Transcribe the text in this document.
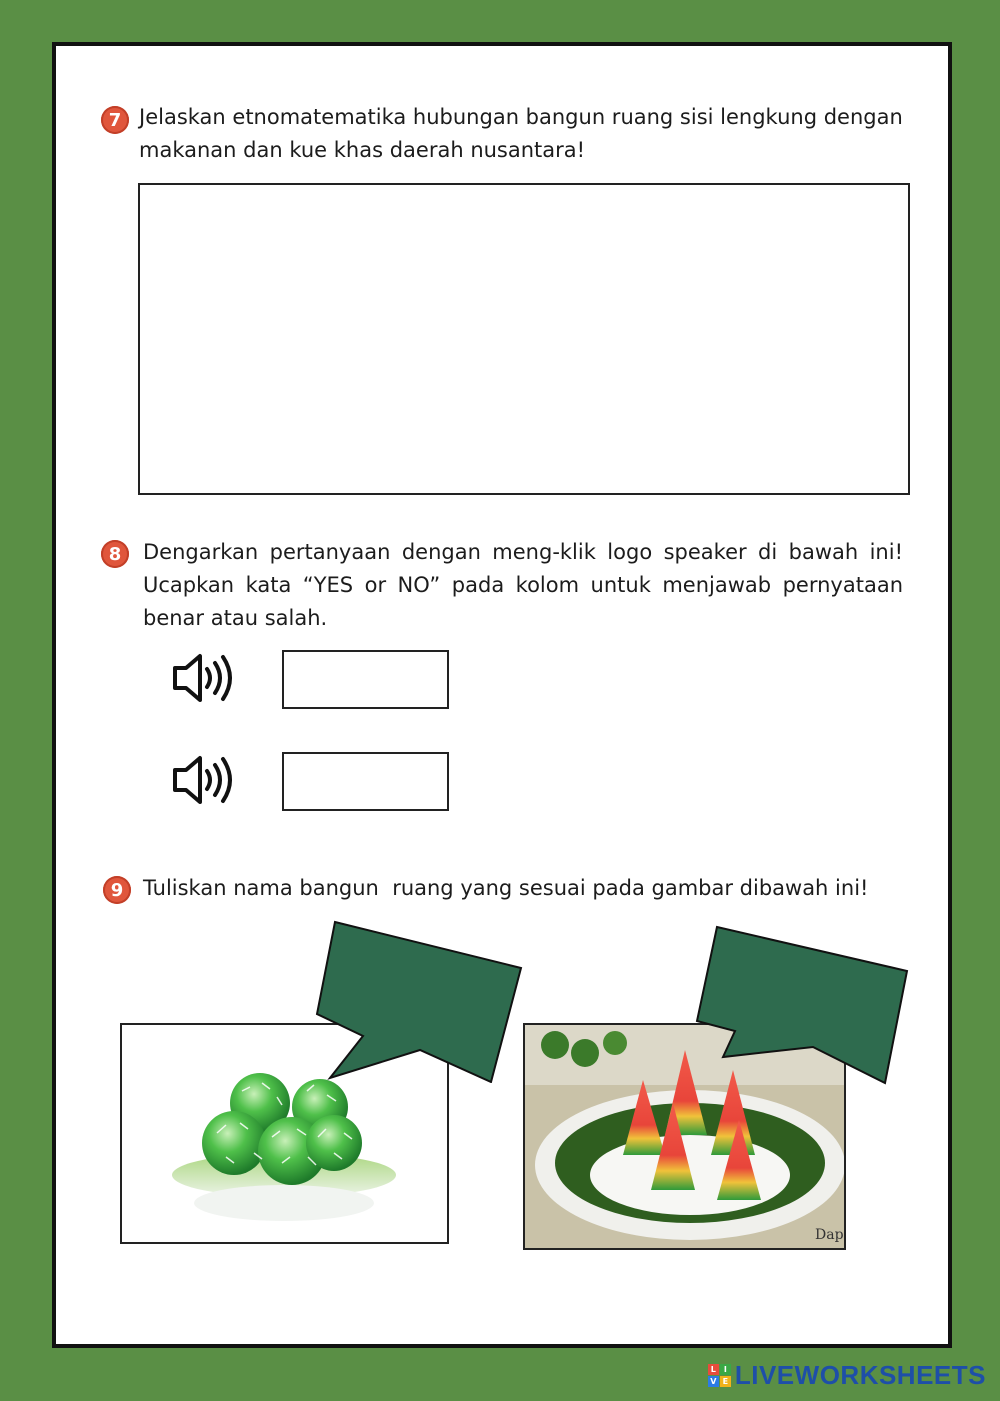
7 Jelaskan etnomatematika hubungan bangun ruang sisi lengkung dengan
makanan dan kue khas daerah nusantara!
8	Dengarkan pertanyaan dengan meng-klik logo speaker di bawah ini!
Ucapkan kata “YES or NO” pada kolom untuk menjawab pernyataan
benar atau salah.
9 Tuliskan nama bangun  ruang yang sesuai pada gambar dibawah ini!
Dap
L I
V E LIVEWORKSHEETS
